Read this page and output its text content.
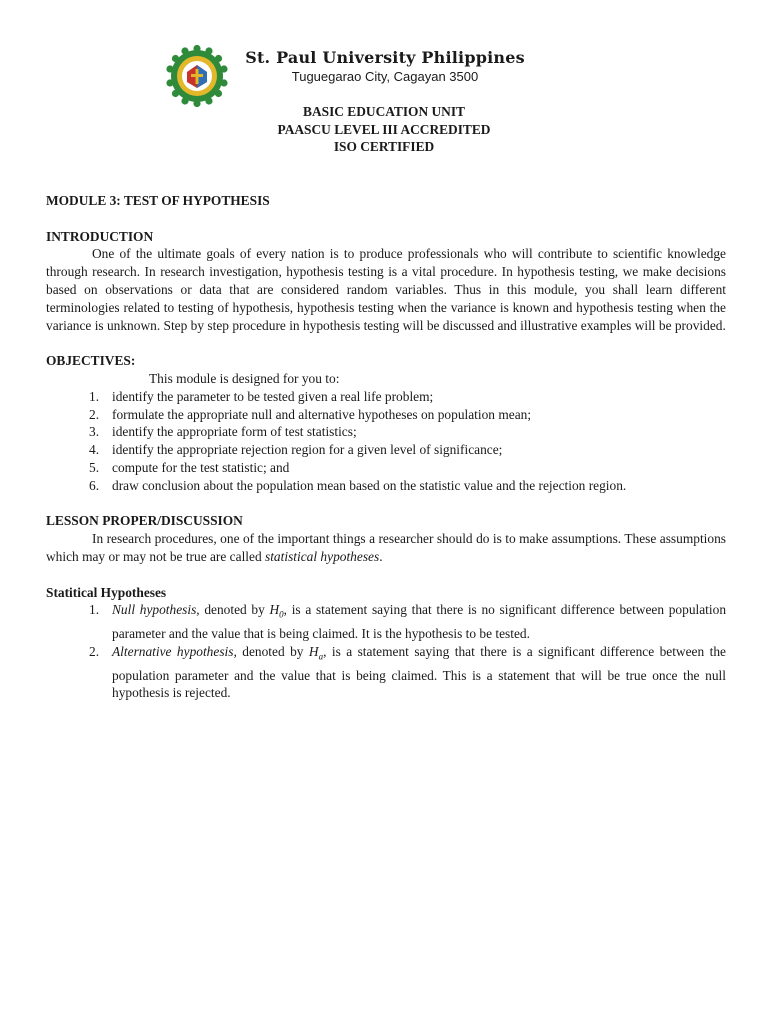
St. Paul University Philippines
Tuguegarao City, Cagayan 3500
BASIC EDUCATION UNIT
PAASCU LEVEL III ACCREDITED
ISO CERTIFIED

MODULE 3: TEST OF HYPOTHESIS

INTRODUCTION

One of the ultimate goals of every nation is to produce professionals who will contribute to scientific knowledge through research. In research investigation, hypothesis testing is a vital procedure. In hypothesis testing, we make decisions based on observations or data that are considered random variables. Thus in this module, you shall learn different terminologies related to testing of hypothesis, hypothesis testing when the variance is known and hypothesis testing when the variance is unknown. Step by step procedure in hypothesis testing will be discussed and illustrative examples will be provided.

OBJECTIVES:

This module is designed for you to:

1. identify the parameter to be tested given a real life problem;
2. formulate the appropriate null and alternative hypotheses on population mean;
3. identify the appropriate form of test statistics;
4. identify the appropriate rejection region for a given level of significance;
5. compute for the test statistic; and
6. draw conclusion about the population mean based on the statistic value and the rejection region.

LESSON PROPER/DISCUSSION

In research procedures, one of the important things a researcher should do is to make assumptions. These assumptions which may or may not be true are called statistical hypotheses.

Statitical Hypotheses

1. Null hypothesis, denoted by $H_0$, is a statement saying that there is no significant difference between population parameter and the value that is being claimed. It is the hypothesis to be tested.
2. Alternative hypothesis, denoted by $H_a$, is a statement saying that there is a significant difference between the population parameter and the value that is being claimed. This is a statement that will be true once the null hypothesis is rejected.
